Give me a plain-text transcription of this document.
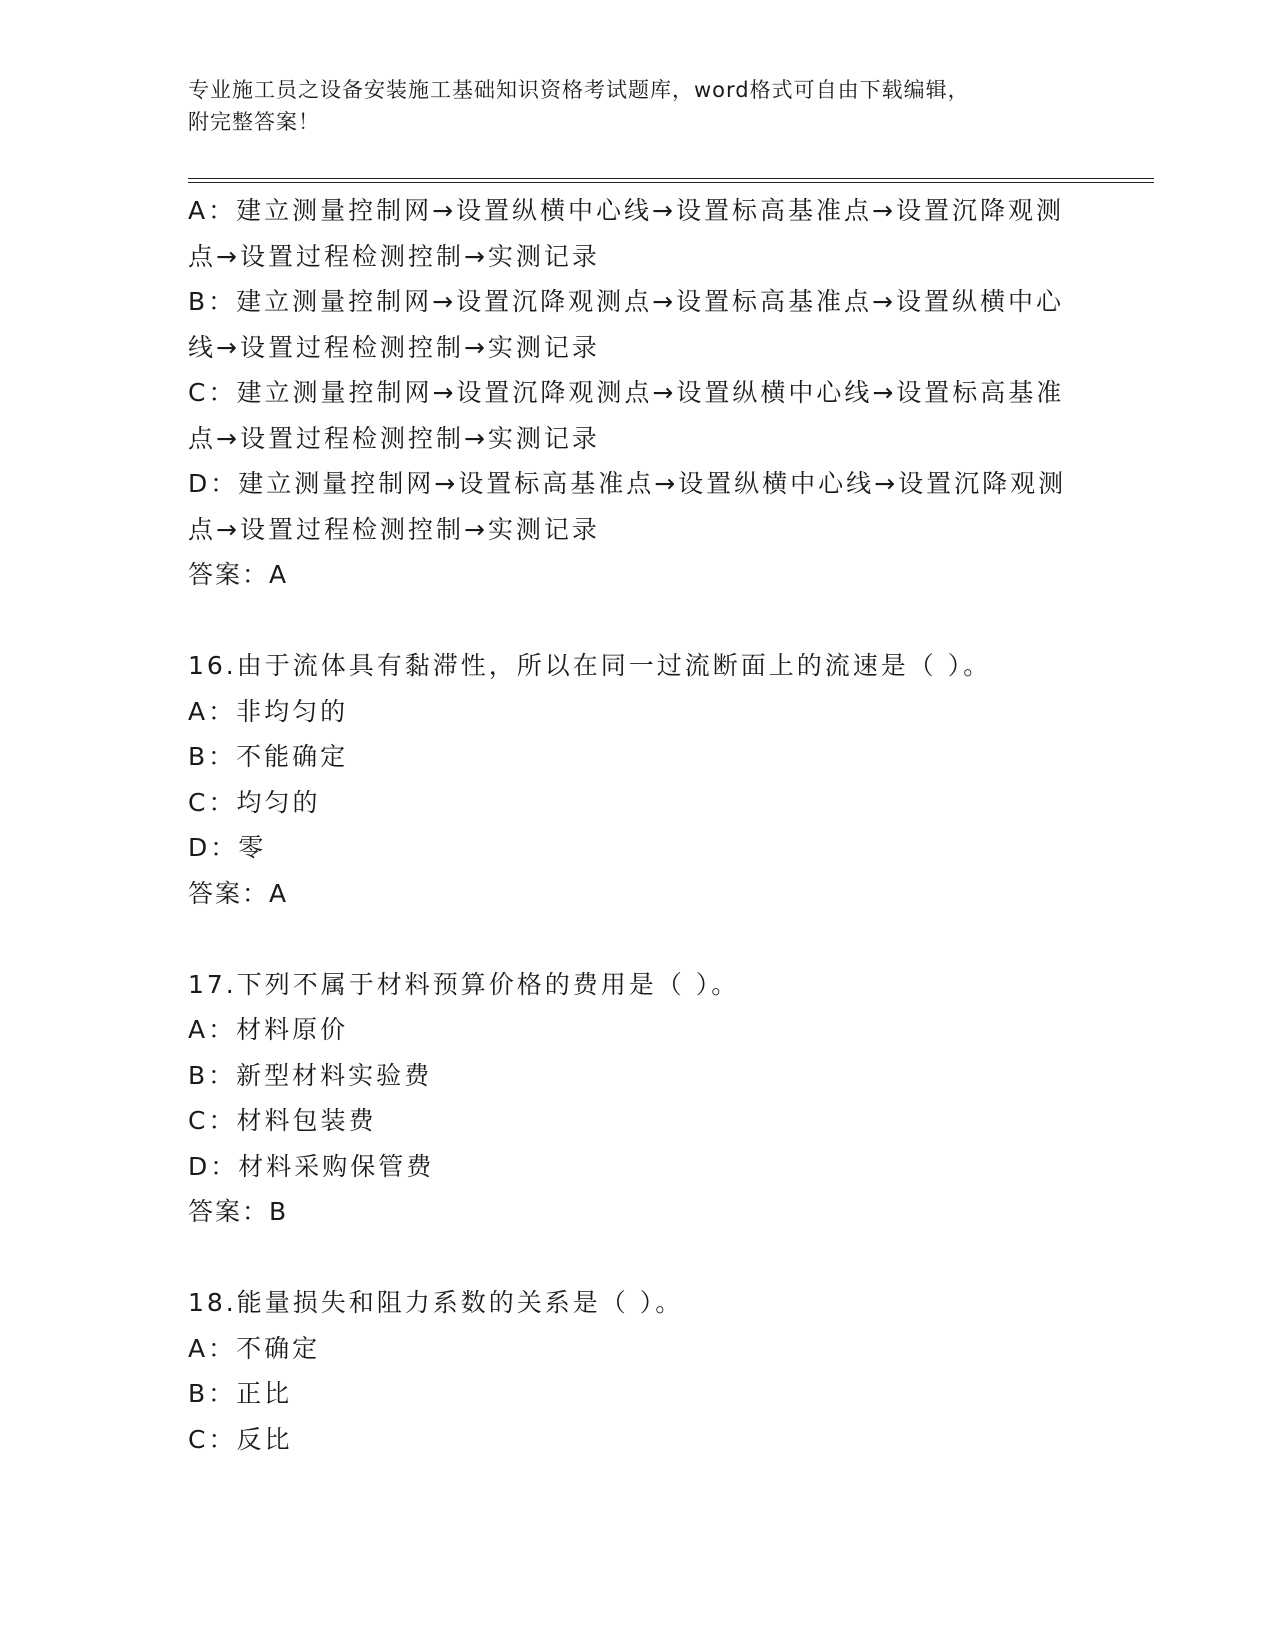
专业施工员之设备安装施工基础知识资格考试题库，word格式可自由下载编辑，
附完整答案！

A：建立测量控制网→设置纵横中心线→设置标高基准点→设置沉降观测点→设置过程检测控制→实测记录

B：建立测量控制网→设置沉降观测点→设置标高基准点→设置纵横中心线→设置过程检测控制→实测记录

C：建立测量控制网→设置沉降观测点→设置纵横中心线→设置标高基准点→设置过程检测控制→实测记录

D：建立测量控制网→设置标高基准点→设置纵横中心线→设置沉降观测点→设置过程检测控制→实测记录

答案：A

16.由于流体具有黏滞性，所以在同一过流断面上的流速是（ ）。

A：非均匀的

B：不能确定

C：均匀的

D：零

答案：A

17.下列不属于材料预算价格的费用是（ ）。

A：材料原价

B：新型材料实验费

C：材料包装费

D：材料采购保管费

答案：B

18.能量损失和阻力系数的关系是（ ）。

A：不确定

B：正比

C：反比
